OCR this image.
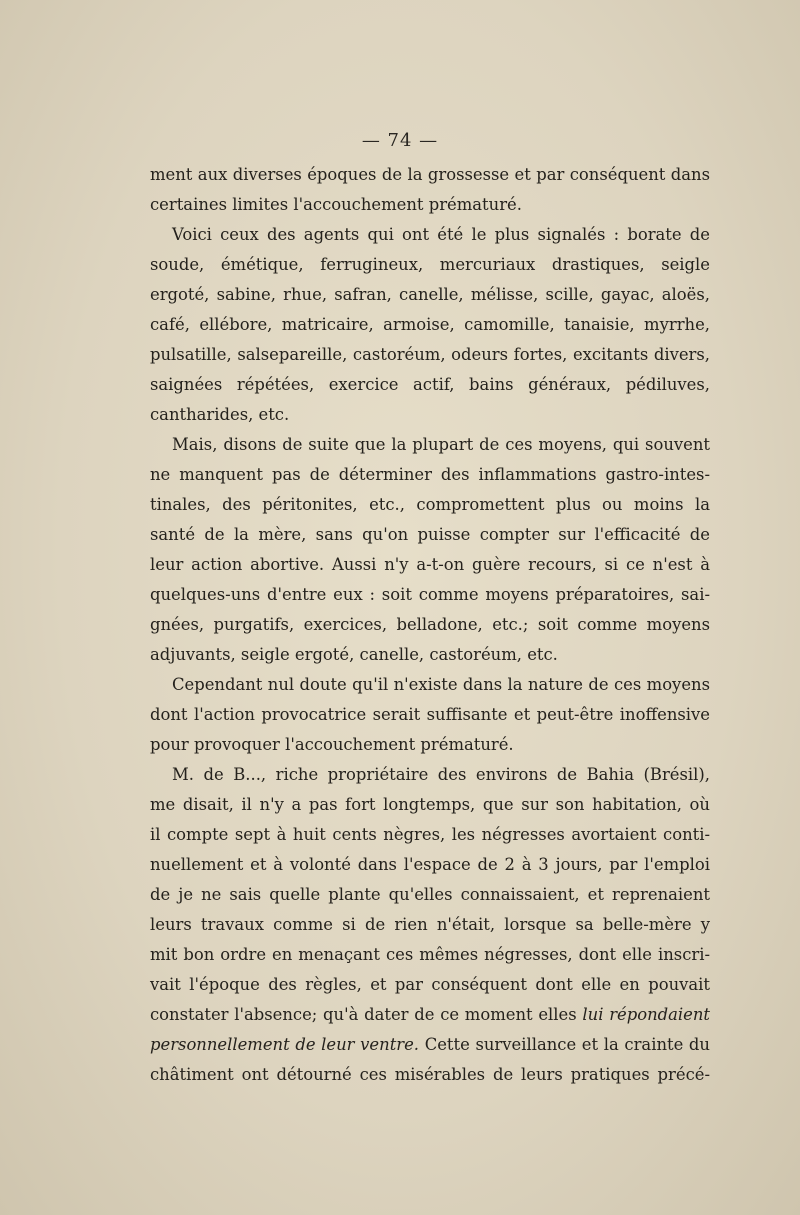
— 74 —
ment aux diverses époques de la grossesse et par conséquent dans
certaines limites l'accouchement prématuré.
Voici ceux des agents qui ont été le plus signalés : borate de
soude, émétique, ferrugineux, mercuriaux drastiques, seigle
ergoté, sabine, rhue, safran, canelle, mélisse, scille, gayac, aloës,
café, ellébore, matricaire, armoise, camomille, tanaisie, myrrhe,
pulsatille, salsepareille, castoréum, odeurs fortes, excitants divers,
saignées répétées, exercice actif, bains généraux, pédiluves,
cantharides, etc.
Mais, disons de suite que la plupart de ces moyens, qui souvent
ne manquent pas de déterminer des inflammations gastro-intes-
tinales, des péritonites, etc., compromettent plus ou moins la
santé de la mère, sans qu'on puisse compter sur l'efficacité de
leur action abortive. Aussi n'y a-t-on guère recours, si ce n'est à
quelques-uns d'entre eux : soit comme moyens préparatoires, sai-
gnées, purgatifs, exercices, belladone, etc.; soit comme moyens
adjuvants, seigle ergoté, canelle, castoréum, etc.
Cependant nul doute qu'il n'existe dans la nature de ces moyens
dont l'action provocatrice serait suffisante et peut-être inoffensive
pour provoquer l'accouchement prématuré.
M. de B..., riche propriétaire des environs de Bahia (Brésil),
me disait, il n'y a pas fort longtemps, que sur son habitation, où
il compte sept à huit cents nègres, les négresses avortaient conti-
nuellement et à volonté dans l'espace de 2 à 3 jours, par l'emploi
de je ne sais quelle plante qu'elles connaissaient, et reprenaient
leurs travaux comme si de rien n'était, lorsque sa belle-mère y
mit bon ordre en menaçant ces mêmes négresses, dont elle inscri-
vait l'époque des règles, et par conséquent dont elle en pouvait
constater l'absence; qu'à dater de ce moment elles lui répondaient
personnellement de leur ventre. Cette surveillance et la crainte du
châtiment ont détourné ces misérables de leurs pratiques précé-
